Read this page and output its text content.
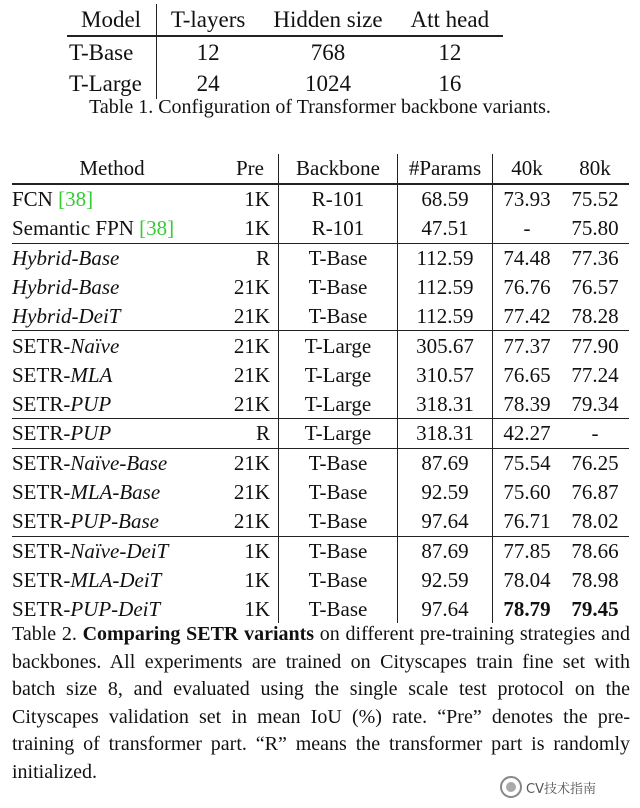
Model	T-layers	Hidden size	Att head
T-Base	12	768	12
T-Large	24	1024	16
Table 1. Configuration of Transformer backbone variants.
Method	Pre	Backbone	#Params	40k	80k
FCN [38]	1K	R-101	68.59	73.93	75.52
Semantic FPN [38]	1K	R-101	47.51	-	75.80
Hybrid-Base	R	T-Base	112.59	74.48	77.36
Hybrid-Base	21K	T-Base	112.59	76.76	76.57
Hybrid-DeiT	21K	T-Base	112.59	77.42	78.28
SETR-Naïve	21K	T-Large	305.67	77.37	77.90
SETR-MLA	21K	T-Large	310.57	76.65	77.24
SETR-PUP	21K	T-Large	318.31	78.39	79.34
SETR-PUP	R	T-Large	318.31	42.27	-
SETR-Naïve-Base	21K	T-Base	87.69	75.54	76.25
SETR-MLA-Base	21K	T-Base	92.59	75.60	76.87
SETR-PUP-Base	21K	T-Base	97.64	76.71	78.02
SETR-Naïve-DeiT	1K	T-Base	87.69	77.85	78.66
SETR-MLA-DeiT	1K	T-Base	92.59	78.04	78.98
SETR-PUP-DeiT	1K	T-Base	97.64	78.79	79.45
Table 2. Comparing SETR variants on different pre-training strategies and backbones. All experiments are trained on Cityscapes train fine set with batch size 8, and evaluated using the single scale test protocol on the Cityscapes validation set in mean IoU (%) rate. “Pre” denotes the pre-training of transformer part. “R” means the transformer part is randomly initialized.
CV技术指南
